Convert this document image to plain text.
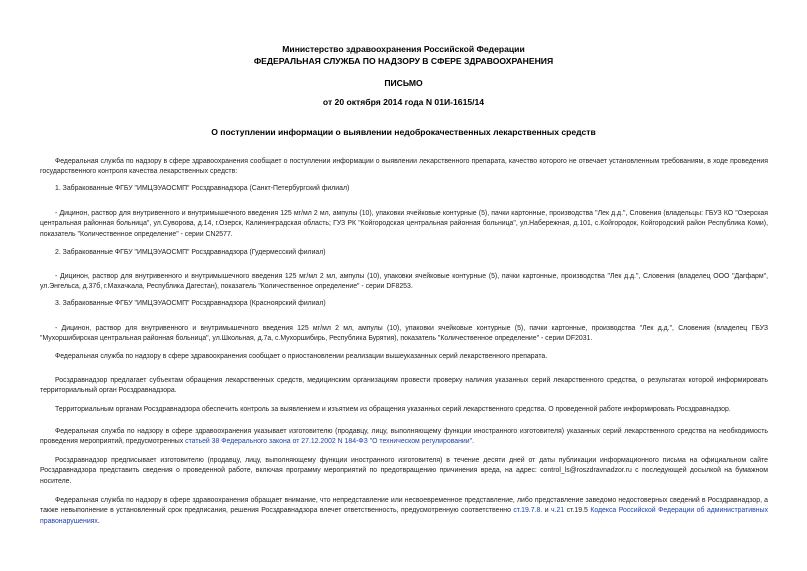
Министерство здравоохранения Российской Федерации
ФЕДЕРАЛЬНАЯ СЛУЖБА ПО НАДЗОРУ В СФЕРЕ ЗДРАВООХРАНЕНИЯ
ПИСЬМО
от 20 октября 2014 года N 01И-1615/14
О поступлении информации о выявлении недоброкачественных лекарственных средств

Федеральная служба по надзору в сфере здравоохранения сообщает о поступлении информации о выявлении лекарственного препарата, качество которого не отвечает установленным требованиям, в ходе проведения государственного контроля качества лекарственных средств:

1. Забракованные ФГБУ "ИМЦЭУАОСМП" Росздравнадзора (Санкт-Петербургский филиал)

- Дицинон, раствор для внутривенного и внутримышечного введения 125 мг/мл 2 мл, ампулы (10), упаковки ячейковые контурные (5), пачки картонные, производства "Лек д.д.", Словения (владельцы: ГБУЗ КО "Озерская центральная районная больница", ул.Суворова, д.14, г.Озерск, Калининградская область; ГУЗ РК "Койгородская центральная районная больница", ул.Набережная, д.101, с.Койгородок, Койгородский район Республика Коми), показатель "Количественное определение" - серии CN2577.

2. Забракованные ФГБУ "ИМЦЭУАОСМП" Росздравнадзора (Гудермесский филиал)

- Дицинон, раствор для внутривенного и внутримышечного введения 125 мг/мл 2 мл, ампулы (10), упаковки ячейковые контурные (5), пачки картонные, производства "Лек д.д.", Словения (владелец ООО "Дагфарм", ул.Энгельса, д.37б, г.Махачкала, Республика Дагестан), показатель "Количественное определение" - серии DF8253.

3. Забракованные ФГБУ "ИМЦЭУАОСМП" Росздравнадзора (Красноярский филиал)

- Дицинон, раствор для внутривенного и внутримышечного введения 125 мг/мл 2 мл, ампулы (10), упаковки ячейковые контурные (5), пачки картонные, производства "Лек д.д.", Словения (владелец ГБУЗ "Мухоршибирская центральная районная больница", ул.Школьная, д.7а, с.Мухоршибирь, Республика Бурятия), показатель "Количественное определение" - серии DF2031.

Федеральная служба по надзору в сфере здравоохранения сообщает о приостановлении реализации вышеуказанных серий лекарственного препарата.

Росздравнадзор предлагает субъектам обращения лекарственных средств, медицинским организациям провести проверку наличия указанных серий лекарственного средства, о результатах которой информировать территориальный орган Росздравнадзора.

Территориальным органам Росздравнадзора обеспечить контроль за выявлением и изъятием из обращения указанных серий лекарственного средства. О проведенной работе информировать Росздравнадзор.

Федеральная служба по надзору в сфере здравоохранения указывает изготовителю (продавцу, лицу, выполняющему функции иностранного изготовителя) указанных серий лекарственного средства на необходимость проведения мероприятий, предусмотренных статьей 38 Федерального закона от 27.12.2002 N 184-ФЗ "О техническом регулировании".

Росздравнадзор предписывает изготовителю (продавцу, лицу, выполняющему функции иностранного изготовителя) в течение десяти дней от даты публикации информационного письма на официальном сайте Росздравнадзора представить сведения о проведенной работе, включая программу мероприятий по предотвращению причинения вреда, на адрес: control_ls@roszdravnadzor.ru с последующей досылкой на бумажном носителе.

Федеральная служба по надзору в сфере здравоохранения обращает внимание, что непредставление или несвоевременное представление, либо представление заведомо недостоверных сведений в Росздравнадзор, а также невыполнение в установленный срок предписания, решения Росздравнадзора влечет ответственность, предусмотренную соответственно ст.19.7.8. и ч.21 ст.19.5 Кодекса Российской Федерации об административных правонарушениях.
